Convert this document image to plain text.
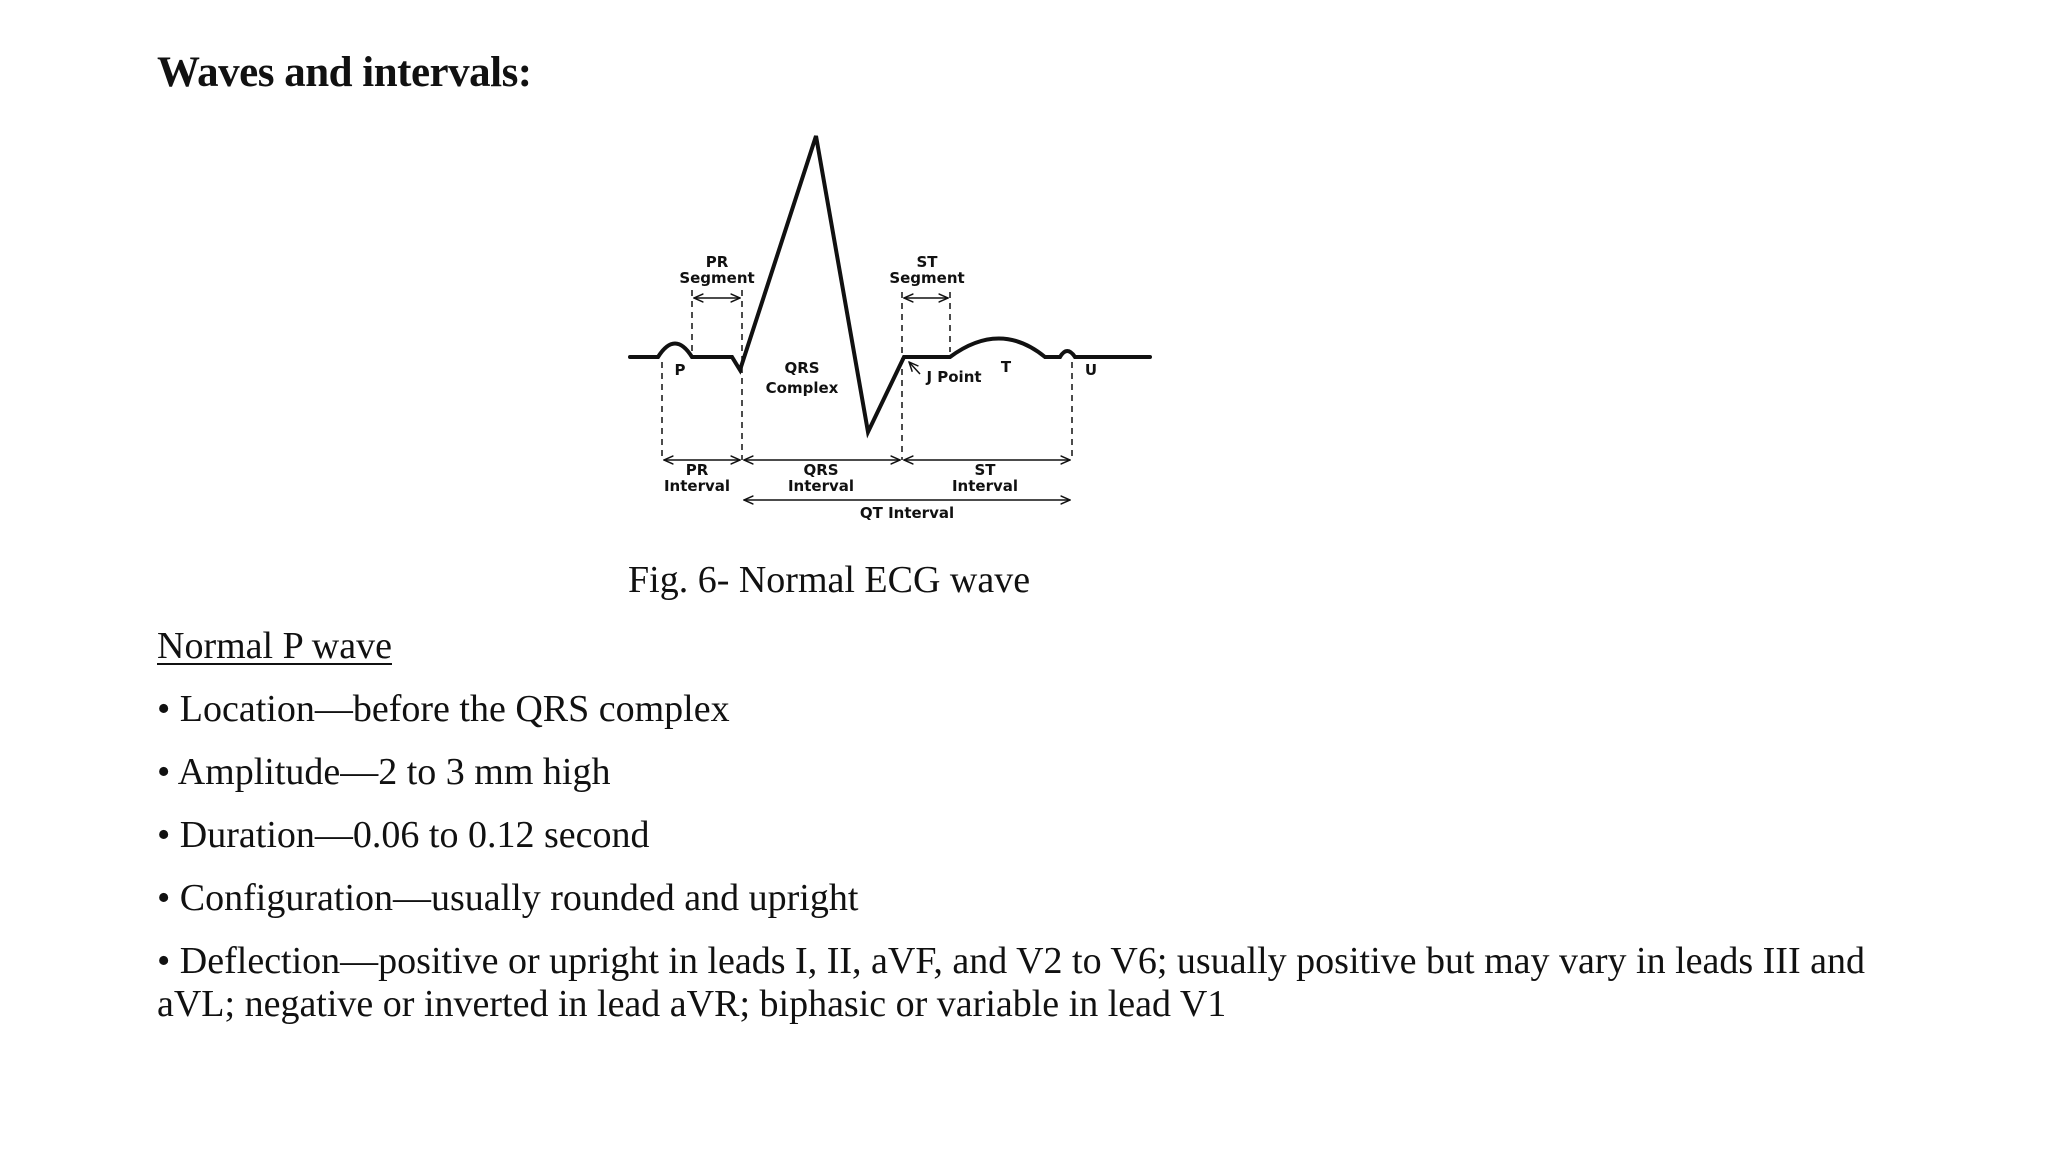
Waves and intervals:
PR
Segment
ST
Segment
P	QRS
Complex
J Point
T	U
PR
Interval
QRS
Interval
ST
Interval
QT Interval

Fig. 6- Normal ECG wave

Normal P wave

• Location—before the QRS complex
• Amplitude—2 to 3 mm high
• Duration—0.06 to 0.12 second
• Configuration—usually rounded and upright
• Deflection—positive or upright in leads I, II, aVF, and V2 to V6; usually positive but may vary in leads III and aVL; negative or inverted in lead aVR; biphasic or variable in lead V1
